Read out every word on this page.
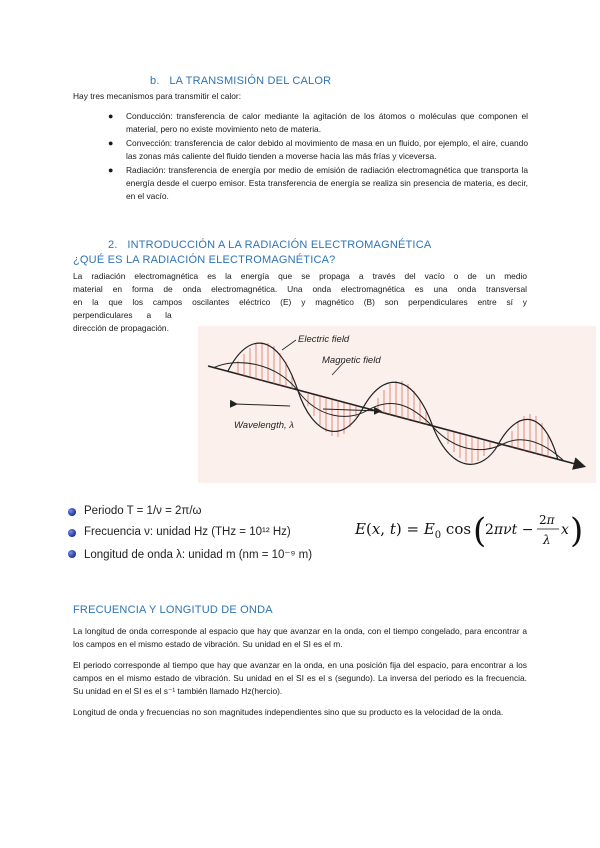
b. LA TRANSMISIÓN DEL CALOR
Hay tres mecanismos para transmitir el calor:
● Conducción: transferencia de calor mediante la agitación de los átomos o moléculas que componen el material, pero no existe movimiento neto de materia.
● Convección: transferencia de calor debido al movimiento de masa en un fluido, por ejemplo, el aire, cuando las zonas más caliente del fluido tienden a moverse hacia las más frías y viceversa.
● Radiación: transferencia de energía por medio de emisión de radiación electromagnética que transporta la energía desde el cuerpo emisor. Esta transferencia de energía se realiza sin presencia de materia, es decir, en el vacío.
2. INTRODUCCIÓN A LA RADIACIÓN ELECTROMAGNÉTICA
¿QUÉ ES LA RADIACIÓN ELECTROMAGNÉTICA?
La radiación electromagnética es la energía que se propaga a través del vacío o de un medio
material en forma de onda electromagnética. Una onda electromagnética es una onda transversal
en la que los campos oscilantes eléctrico (E) y magnético (B) son perpendiculares entre sí y
perpendiculares      a      la
dirección de propagación.
Electric field
Magnetic field
Wavelength, λ
Periodo T = 1/ν = 2π/ω
Frecuencia ν: unidad Hz (THz = 10¹² Hz)
Longitud de onda λ: unidad m (nm = 10⁻⁹ m)
E(x, $t) = E_0$ cos (
2πνt −
2π
λ
x )
FRECUENCIA Y LONGITUD DE ONDA

La longitud de onda corresponde al espacio que hay que avanzar en la onda, con el tiempo congelado, para encontrar a los campos en el mismo estado de vibración. Su unidad en el SI es el m.

El periodo corresponde al tiempo que hay que avanzar en la onda, en una posición fija del espacio, para encontrar a los campos en el mismo estado de vibración. Su unidad en el SI es el s (segundo). La inversa del periodo es la frecuencia. Su unidad en el SI es el s⁻¹ también llamado Hz(hercio).

Longitud de onda y frecuencias no son magnitudes independientes sino que su producto es la velocidad de la onda.
